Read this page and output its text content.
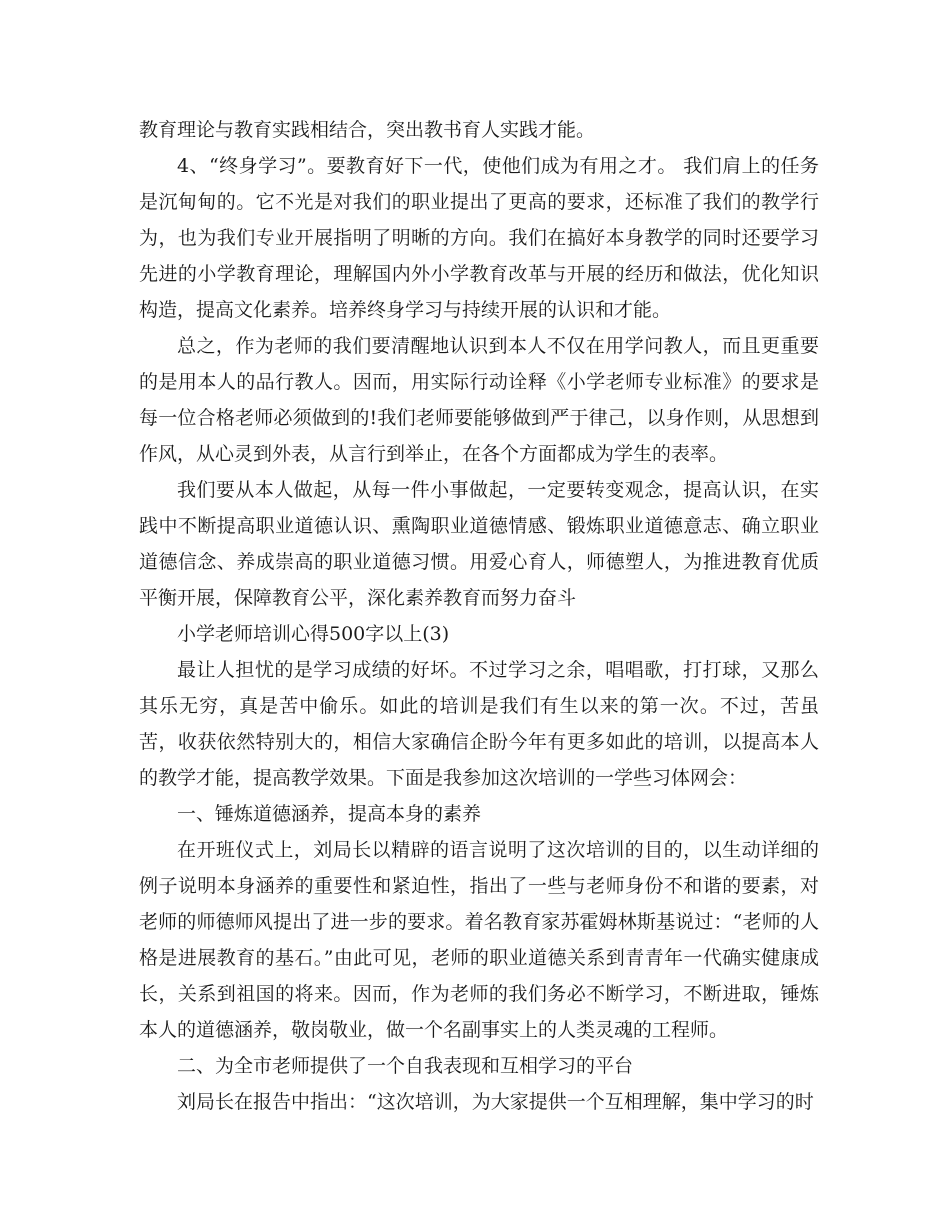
教育理论与教育实践相结合，突出教书育人实践才能。

4、“终身学习”。要教育好下一代，使他们成为有用之才。 我们肩上的任务是沉甸甸的。它不光是对我们的职业提出了更高的要求，还标准了我们的教学行为，也为我们专业开展指明了明晰的方向。我们在搞好本身教学的同时还要学习先进的小学教育理论，理解国内外小学教育改革与开展的经历和做法，优化知识构造，提高文化素养。培养终身学习与持续开展的认识和才能。

总之，作为老师的我们要清醒地认识到本人不仅在用学问教人，而且更重要的是用本人的品行教人。因而，用实际行动诠释《小学老师专业标准》的要求是每一位合格老师必须做到的!我们老师要能够做到严于律己，以身作则，从思想到作风，从心灵到外表，从言行到举止，在各个方面都成为学生的表率。

我们要从本人做起，从每一件小事做起，一定要转变观念，提高认识，在实践中不断提高职业道德认识、熏陶职业道德情感、锻炼职业道德意志、确立职业道德信念、养成崇高的职业道德习惯。用爱心育人，师德塑人，为推进教育优质平衡开展，保障教育公平，深化素养教育而努力奋斗

小学老师培训心得500字以上(3)

最让人担忧的是学习成绩的好坏。不过学习之余，唱唱歌，打打球，又那么其乐无穷，真是苦中偷乐。如此的培训是我们有生以来的第一次。不过，苦虽苦，收获依然特别大的，相信大家确信企盼今年有更多如此的培训，以提高本人的教学才能，提高教学效果。下面是我参加这次培训的一学些习体网会：

一、锤炼道德涵养，提高本身的素养

在开班仪式上，刘局长以精辟的语言说明了这次培训的目的，以生动详细的例子说明本身涵养的重要性和紧迫性，指出了一些与老师身份不和谐的要素，对老师的师德师风提出了进一步的要求。着名教育家苏霍姆林斯基说过：“老师的人格是进展教育的基石。”由此可见，老师的职业道德关系到青青年一代确实健康成长，关系到祖国的将来。因而，作为老师的我们务必不断学习，不断进取，锤炼本人的道德涵养，敬岗敬业，做一个名副事实上的人类灵魂的工程师。

二、为全市老师提供了一个自我表现和互相学习的平台

刘局长在报告中指出：“这次培训，为大家提供一个互相理解，集中学习的时
